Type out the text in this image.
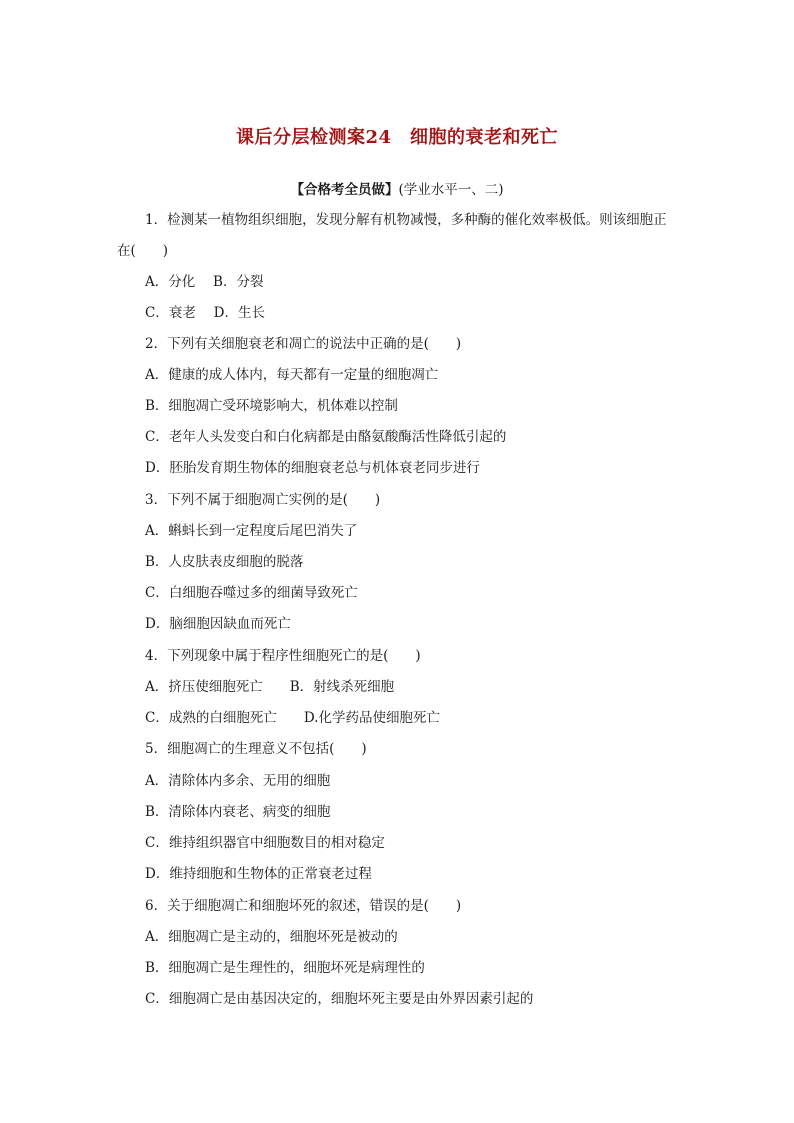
课后分层检测案24　细胞的衰老和死亡
【合格考全员做】(学业水平一、二)
1．检测某一植物组织细胞，发现分解有机物减慢，多种酶的催化效率极低。则该细胞正
在(　　)
A．分化　 B．分裂
C．衰老　 D．生长
2．下列有关细胞衰老和凋亡的说法中正确的是(　　)
A．健康的成人体内，每天都有一定量的细胞凋亡
B．细胞凋亡受环境影响大，机体难以控制
C．老年人头发变白和白化病都是由酪氨酸酶活性降低引起的
D．胚胎发育期生物体的细胞衰老总与机体衰老同步进行
3．下列不属于细胞凋亡实例的是(　　)
A．蝌蚪长到一定程度后尾巴消失了
B．人皮肤表皮细胞的脱落
C．白细胞吞噬过多的细菌导致死亡
D．脑细胞因缺血而死亡
4．下列现象中属于程序性细胞死亡的是(　　)
A．挤压使细胞死亡　　B．射线杀死细胞
C．成熟的白细胞死亡　　D.化学药品使细胞死亡
5．细胞凋亡的生理意义不包括(　　)
A．清除体内多余、无用的细胞
B．清除体内衰老、病变的细胞
C．维持组织器官中细胞数目的相对稳定
D．维持细胞和生物体的正常衰老过程
6．关于细胞凋亡和细胞坏死的叙述，错误的是(　　)
A．细胞凋亡是主动的，细胞坏死是被动的
B．细胞凋亡是生理性的，细胞坏死是病理性的
C．细胞凋亡是由基因决定的，细胞坏死主要是由外界因素引起的
